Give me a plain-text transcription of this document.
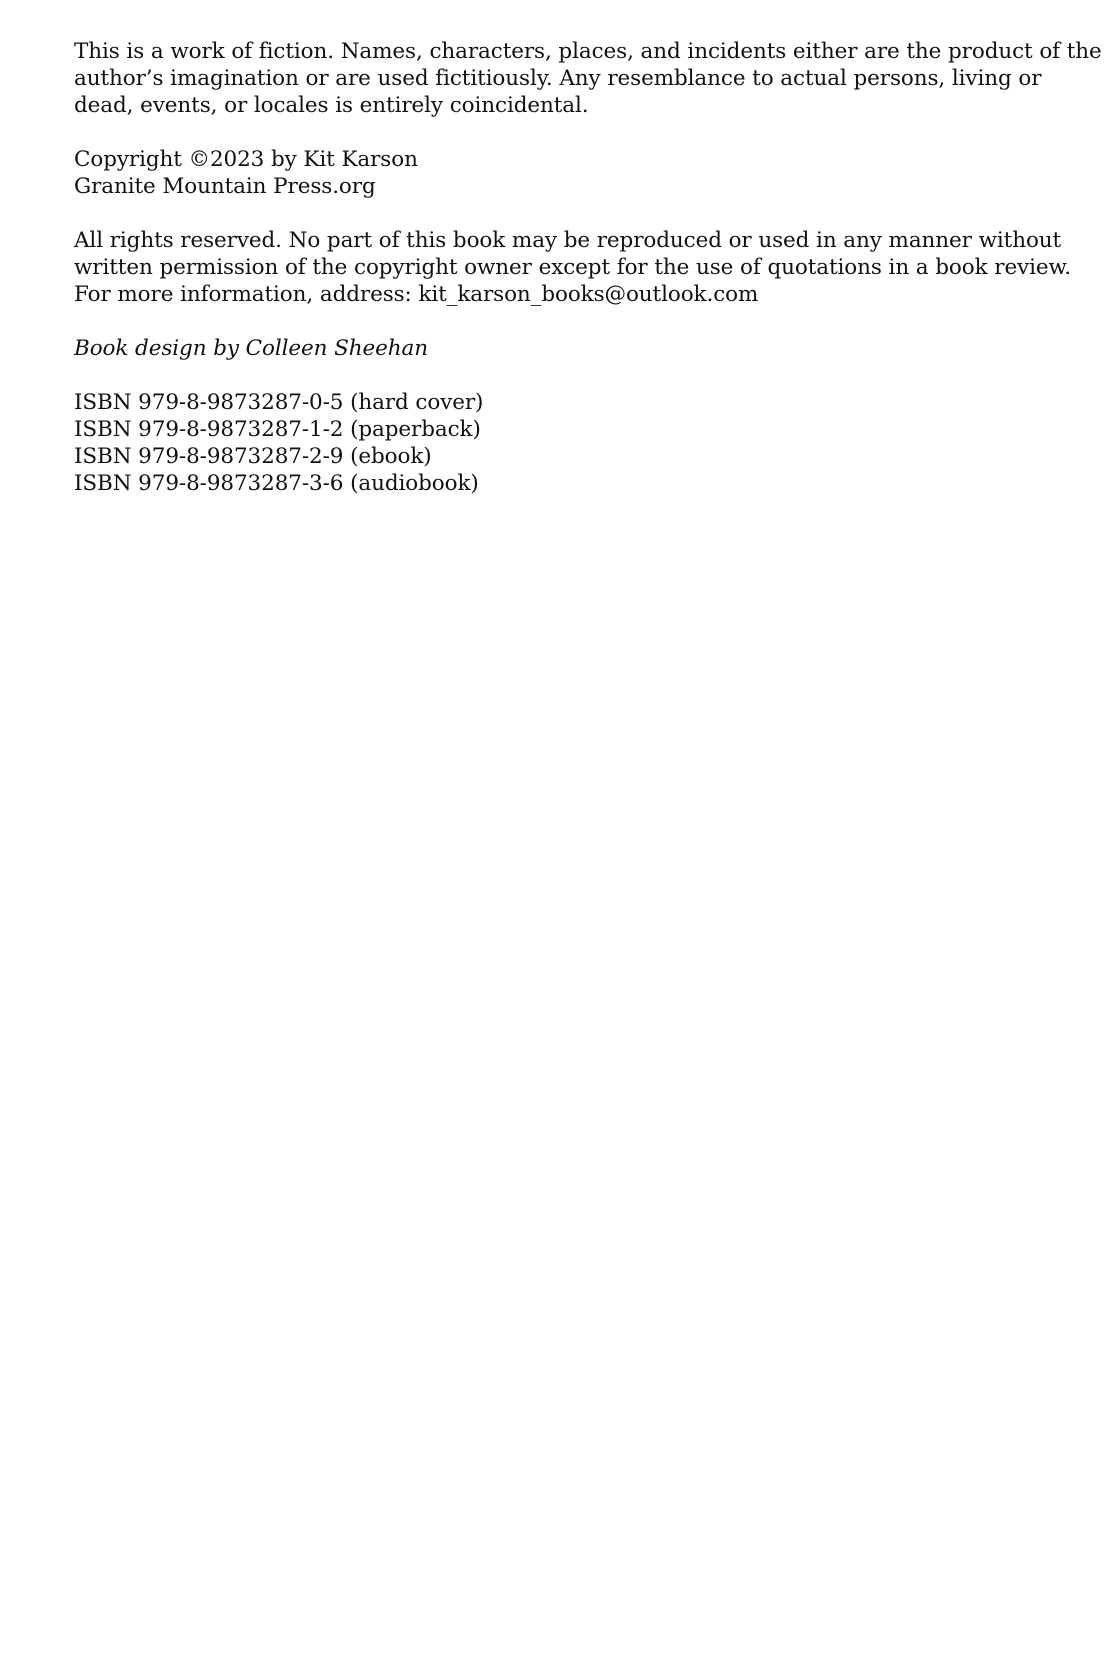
This is a work of fiction. Names, characters, places, and incidents either are the product of the
author’s imagination or are used fictitiously. Any resemblance to actual persons, living or
dead, events, or locales is entirely coincidental.

Copyright ©2023 by Kit Karson
Granite Mountain Press.org

All rights reserved. No part of this book may be reproduced or used in any manner without
written permission of the copyright owner except for the use of quotations in a book review.
For more information, address: kit_karson_books@outlook.com

Book design by Colleen Sheehan

ISBN 979-8-9873287-0-5 (hard cover)
ISBN 979-8-9873287-1-2 (paperback)
ISBN 979-8-9873287-2-9 (ebook)
ISBN 979-8-9873287-3-6 (audiobook)
